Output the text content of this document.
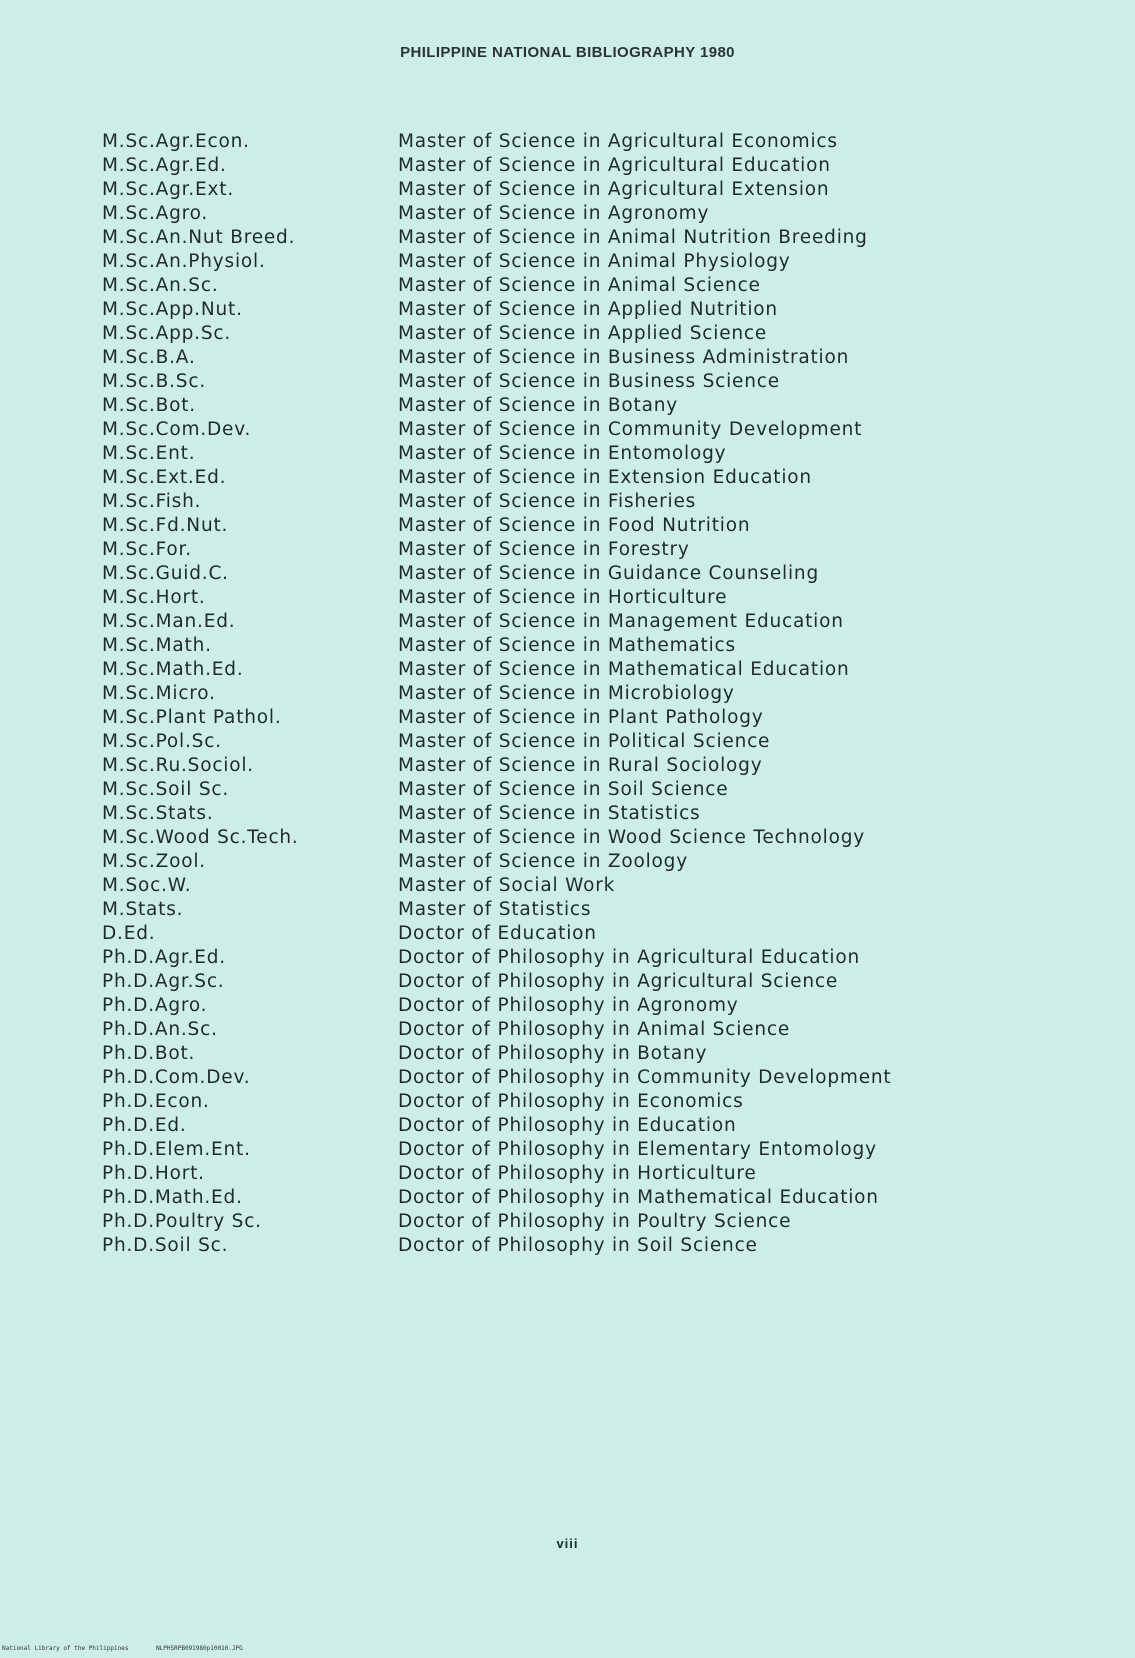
PHILIPPINE NATIONAL BIBLIOGRAPHY 1980
M.Sc.Agr.Econ.	Master of Science in Agricultural Economics
M.Sc.Agr.Ed.	Master of Science in Agricultural Education
M.Sc.Agr.Ext.	Master of Science in Agricultural Extension
M.Sc.Agro.	Master of Science in Agronomy
M.Sc.An.Nut Breed.	Master of Science in Animal Nutrition Breeding
M.Sc.An.Physiol.	Master of Science in Animal Physiology
M.Sc.An.Sc.	Master of Science in Animal Science
M.Sc.App.Nut.	Master of Science in Applied Nutrition
M.Sc.App.Sc.	Master of Science in Applied Science
M.Sc.B.A.	Master of Science in Business Administration
M.Sc.B.Sc.	Master of Science in Business Science
M.Sc.Bot.	Master of Science in Botany
M.Sc.Com.Dev.	Master of Science in Community Development
M.Sc.Ent.	Master of Science in Entomology
M.Sc.Ext.Ed.	Master of Science in Extension Education
M.Sc.Fish.	Master of Science in Fisheries
M.Sc.Fd.Nut.	Master of Science in Food Nutrition
M.Sc.For.	Master of Science in Forestry
M.Sc.Guid.C.	Master of Science in Guidance Counseling
M.Sc.Hort.	Master of Science in Horticulture
M.Sc.Man.Ed.	Master of Science in Management Education
M.Sc.Math.	Master of Science in Mathematics
M.Sc.Math.Ed.	Master of Science in Mathematical Education
M.Sc.Micro.	Master of Science in Microbiology
M.Sc.Plant Pathol.	Master of Science in Plant Pathology
M.Sc.Pol.Sc.	Master of Science in Political Science
M.Sc.Ru.Sociol.	Master of Science in Rural Sociology
M.Sc.Soil Sc.	Master of Science in Soil Science
M.Sc.Stats.	Master of Science in Statistics
M.Sc.Wood Sc.Tech.	Master of Science in Wood Science Technology
M.Sc.Zool.	Master of Science in Zoology
M.Soc.W.	Master of Social Work
M.Stats.	Master of Statistics
D.Ed.	Doctor of Education
Ph.D.Agr.Ed.	Doctor of Philosophy in Agricultural Education
Ph.D.Agr.Sc.	Doctor of Philosophy in Agricultural Science
Ph.D.Agro.	Doctor of Philosophy in Agronomy
Ph.D.An.Sc.	Doctor of Philosophy in Animal Science
Ph.D.Bot.	Doctor of Philosophy in Botany
Ph.D.Com.Dev.	Doctor of Philosophy in Community Development
Ph.D.Econ.	Doctor of Philosophy in Economics
Ph.D.Ed.	Doctor of Philosophy in Education
Ph.D.Elem.Ent.	Doctor of Philosophy in Elementary Entomology
Ph.D.Hort.	Doctor of Philosophy in Horticulture
Ph.D.Math.Ed.	Doctor of Philosophy in Mathematical Education
Ph.D.Poultry Sc.	Doctor of Philosophy in Poultry Science
Ph.D.Soil Sc.	Doctor of Philosophy in Soil Science
viii
National Library of the Philippines	NLPHSRPB091980p10010.JPG
